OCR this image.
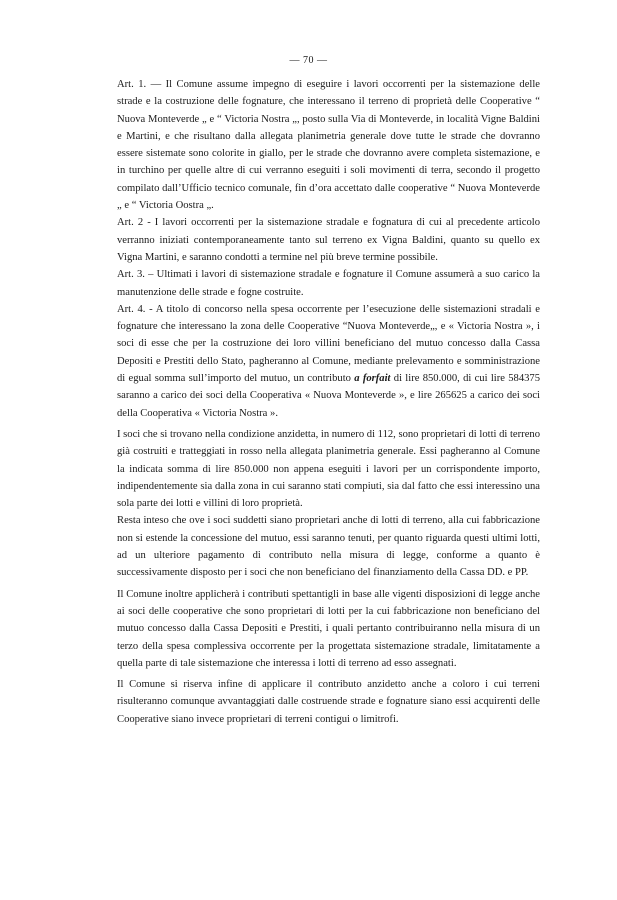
— 70 —

Art. 1. — Il Comune assume impegno di eseguire i lavori occorrenti per la sistemazione delle strade e la costruzione delle fognature, che interessano il terreno di proprietà delle Cooperative “ Nuova Monteverde „ e “ Victoria Nostra „, posto sulla Via di Monteverde, in località Vigne Baldini e Martini, e che risultano dalla allegata planimetria generale dove tutte le strade che dovranno essere sistemate sono colorite in giallo, per le strade che dovranno avere completa sistemazione, e in turchino per quelle altre di cui verranno eseguiti i soli movimenti di terra, secondo il progetto compilato dall’Ufficio tecnico comunale, fin d’ora accettato dalle cooperative “ Nuova Monteverde „ e “ Victoria Oostra „.

Art. 2 - I lavori occorrenti per la sistemazione stradale e fognatura di cui al precedente articolo verranno iniziati contemporaneamente tanto sul terreno ex Vigna Baldini, quanto su quello ex Vigna Martini, e saranno condotti a termine nel più breve termine possibile.

Art. 3. – Ultimati i lavori di sistemazione stradale e fognature il Comune assumerà a suo carico la manutenzione delle strade e fogne costruite.

Art. 4. - A titolo di concorso nella spesa occorrente per l’esecuzione delle sistemazioni stradali e fognature che interessano la zona delle Cooperative “Nuova Monteverde„, e « Victoria Nostra », i soci di esse che per la costruzione dei loro villini beneficiano del mutuo concesso dalla Cassa Depositi e Prestiti dello Stato, pagheranno al Comune, mediante prelevamento e somministrazione di egual somma sull’importo del mutuo, un contributo a forfait di lire 850.000, di cui lire 584375 saranno a carico dei soci della Cooperativa « Nuova Monteverde », e lire 265625 a carico dei soci della Cooperativa « Victoria Nostra ».

I soci che si trovano nella condizione anzidetta, in numero di 112, sono proprietari di lotti di terreno già costruiti e tratteggiati in rosso nella allegata planimetria generale. Essi pagheranno al Comune la indicata somma di lire 850.000 non appena eseguiti i lavori per un corrispondente importo, indipendentemente sia dalla zona in cui saranno stati compiuti, sia dal fatto che essi interessino una sola parte dei lotti e villini di loro proprietà.

Resta inteso che ove i soci suddetti siano proprietari anche di lotti di terreno, alla cui fabbricazione non si estende la concessione del mutuo, essi saranno tenuti, per quanto riguarda questi ultimi lotti, ad un ulteriore pagamento di contributo nella misura di legge, conforme a quanto è successivamente disposto per i soci che non beneficiano del finanziamento della Cassa DD. e PP.

Il Comune inoltre applicherà i contributi spettantigli in base alle vigenti disposizioni di legge anche ai soci delle cooperative che sono proprietari di lotti per la cui fabbricazione non beneficiano del mutuo concesso dalla Cassa Depositi e Prestiti, i quali pertanto contribuiranno nella misura di un terzo della spesa complessiva occorrente per la progettata sistemazione stradale, limitatamente a quella parte di tale sistemazione che interessa i lotti di terreno ad esso assegnati.

Il Comune si riserva infine di applicare il contributo anzidetto anche a coloro i cui terreni risulteranno comunque avvantaggiati dalle costruende strade e fognature siano essi acquirenti delle Cooperative siano invece proprietari di terreni contigui o limitrofi.
